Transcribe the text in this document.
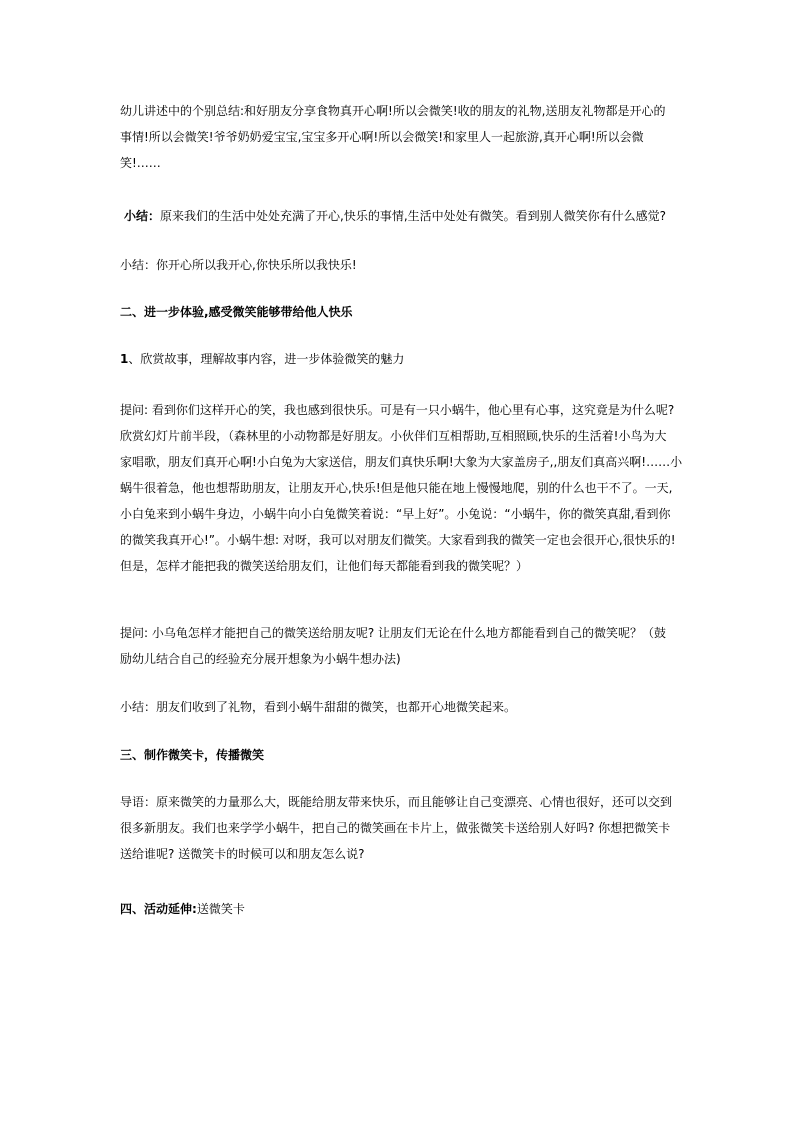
幼儿讲述中的个别总结:和好朋友分享食物真开心啊!所以会微笑!收的朋友的礼物,送朋友礼物都是开心的
事情!所以会微笑!爷爷奶奶爱宝宝,宝宝多开心啊!所以会微笑!和家里人一起旅游,真开心啊!所以会微
笑!……
小结：原来我们的生活中处处充满了开心,快乐的事情,生活中处处有微笑。看到别人微笑你有什么感觉?
小结：你开心所以我开心,你快乐所以我快乐!
二、进一步体验,感受微笑能够带给他人快乐
1、欣赏故事，理解故事内容，进一步体验微笑的魅力
提问: 看到你们这样开心的笑，我也感到很快乐。可是有一只小蜗牛，他心里有心事，这究竟是为什么呢?
欣赏幻灯片前半段，（森林里的小动物都是好朋友。小伙伴们互相帮助,互相照顾,快乐的生活着!小鸟为大
家唱歌，朋友们真开心啊!小白兔为大家送信，朋友们真快乐啊!大象为大家盖房子,,朋友们真高兴啊!……小
蜗牛很着急，他也想帮助朋友，让朋友开心,快乐!但是他只能在地上慢慢地爬，别的什么也干不了。一天,
小白兔来到小蜗牛身边，小蜗牛向小白兔微笑着说：“早上好”。小兔说：“小蜗牛，你的微笑真甜,看到你
的微笑我真开心!”。小蜗牛想: 对呀，我可以对朋友们微笑。大家看到我的微笑一定也会很开心,很快乐的!
但是，怎样才能把我的微笑送给朋友们，让他们每天都能看到我的微笑呢？）
提问: 小乌龟怎样才能把自己的微笑送给朋友呢? 让朋友们无论在什么地方都能看到自己的微笑呢？（鼓
励幼儿结合自己的经验充分展开想象为小蜗牛想办法)
小结：朋友们收到了礼物，看到小蜗牛甜甜的微笑，也都开心地微笑起来。
三、制作微笑卡，传播微笑
导语：原来微笑的力量那么大，既能给朋友带来快乐，而且能够让自己变漂亮、心情也很好，还可以交到
很多新朋友。我们也来学学小蜗牛，把自己的微笑画在卡片上，做张微笑卡送给别人好吗? 你想把微笑卡
送给谁呢? 送微笑卡的时候可以和朋友怎么说?
四、活动延伸:送微笑卡
